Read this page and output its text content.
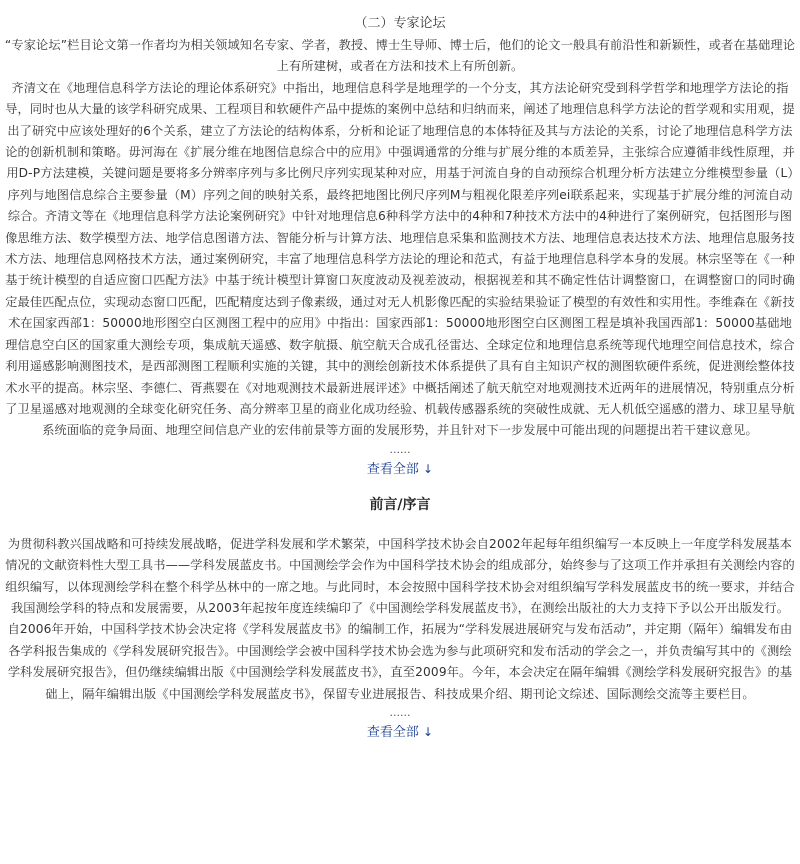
（二）专家论坛

“专家论坛”栏目论文第一作者均为相关领域知名专家、学者，教授、博士生导师、博士后，他们的论文一般具有前沿性和新颖性，或者在基础理论上有所建树，或者在方法和技术上有所创新。

齐清文在《地理信息科学方法论的理论体系研究》中指出，地理信息科学是地理学的一个分支，其方法论研究受到科学哲学和地理学方法论的指导，同时也从大量的该学科研究成果、工程项目和软硬件产品中提炼的案例中总结和归纳而来，阐述了地理信息科学方法论的哲学观和实用观，提出了研究中应该处理好的6个关系，建立了方法论的结构体系，分析和论证了地理信息的本体特征及其与方法论的关系，讨论了地理信息科学方法论的创新机制和策略。毋河海在《扩展分维在地图信息综合中的应用》中强调通常的分维与扩展分维的本质差异，主张综合应遵循非线性原理，并用D-P方法建模，关键问题是要将多分辨率序列与多比例尺序列实现某种对应，用基于河流自身的自动预综合机理分析方法建立分维模型参量（L）序列与地图信息综合主要参量（M）序列之间的映射关系，最终把地图比例尺序列M与粗视化限差序列ei联系起来，实现基于扩展分维的河流自动综合。齐清文等在《地理信息科学方法论案例研究》中针对地理信息6种科学方法中的4种和7种技术方法中的4种进行了案例研究，包括图形与图像思维方法、数学模型方法、地学信息图谱方法、智能分析与计算方法、地理信息采集和监测技术方法、地理信息表达技术方法、地理信息服务技术方法、地理信息网格技术方法，通过案例研究，丰富了地理信息科学方法论的理论和范式，有益于地理信息科学本身的发展。林宗坚等在《一种基于统计模型的自适应窗口匹配方法》中基于统计模型计算窗口灰度波动及视差波动，根据视差和其不确定性估计调整窗口，在调整窗口的同时确定最佳匹配点位，实现动态窗口匹配，匹配精度达到子像素级，通过对无人机影像匹配的实验结果验证了模型的有效性和实用性。李维森在《新技术在国家西部1：50000地形图空白区测图工程中的应用》中指出：国家西部1：50000地形图空白区测图工程是填补我国西部1：50000基础地理信息空白区的国家重大测绘专项，集成航天遥感、数字航摄、航空航天合成孔径雷达、全球定位和地理信息系统等现代地理空间信息技术，综合利用遥感影响测图技术，是西部测图工程顺利实施的关键，其中的测绘创新技术体系提供了具有自主知识产权的测图软硬件系统，促进测绘整体技术水平的提高。林宗坚、李德仁、胥燕婴在《对地观测技术最新进展评述》中概括阐述了航天航空对地观测技术近两年的进展情况，特别重点分析了卫星遥感对地观测的全球变化研究任务、高分辨率卫星的商业化成功经验、机载传感器系统的突破性成就、无人机低空遥感的潜力、球卫星导航系统面临的竞争局面、地理空间信息产业的宏伟前景等方面的发展形势，并且针对下一步发展中可能出现的问题提出若干建议意见。

......
查看全部 ↓
前言/序言

为贯彻科教兴国战略和可持续发展战略，促进学科发展和学术繁荣，中国科学技术协会自2002年起每年组织编写一本反映上一年度学科发展基本情况的文献资料性大型工具书——学科发展蓝皮书。中国测绘学会作为中国科学技术协会的组成部分，始终参与了这项工作并承担有关测绘内容的组织编写，以体现测绘学科在整个科学丛林中的一席之地。与此同时，本会按照中国科学技术协会对组织编写学科发展蓝皮书的统一要求，并结合我国测绘学科的特点和发展需要，从2003年起按年度连续编印了《中国测绘学科发展蓝皮书》，在测绘出版社的大力支持下予以公开出版发行。

自2006年开始，中国科学技术协会决定将《学科发展蓝皮书》的编制工作，拓展为“学科发展进展研究与发布活动”，并定期（隔年）编辑发布由各学科报告集成的《学科发展研究报告》。中国测绘学会被中国科学技术协会选为参与此项研究和发布活动的学会之一，并负责编写其中的《测绘学科发展研究报告》，但仍继续编辑出版《中国测绘学科发展蓝皮书》，直至2009年。今年，本会决定在隔年编辑《测绘学科发展研究报告》的基础上，隔年编辑出版《中国测绘学科发展蓝皮书》，保留专业进展报告、科技成果介绍、期刊论文综述、国际测绘交流等主要栏目。

......
查看全部 ↓
